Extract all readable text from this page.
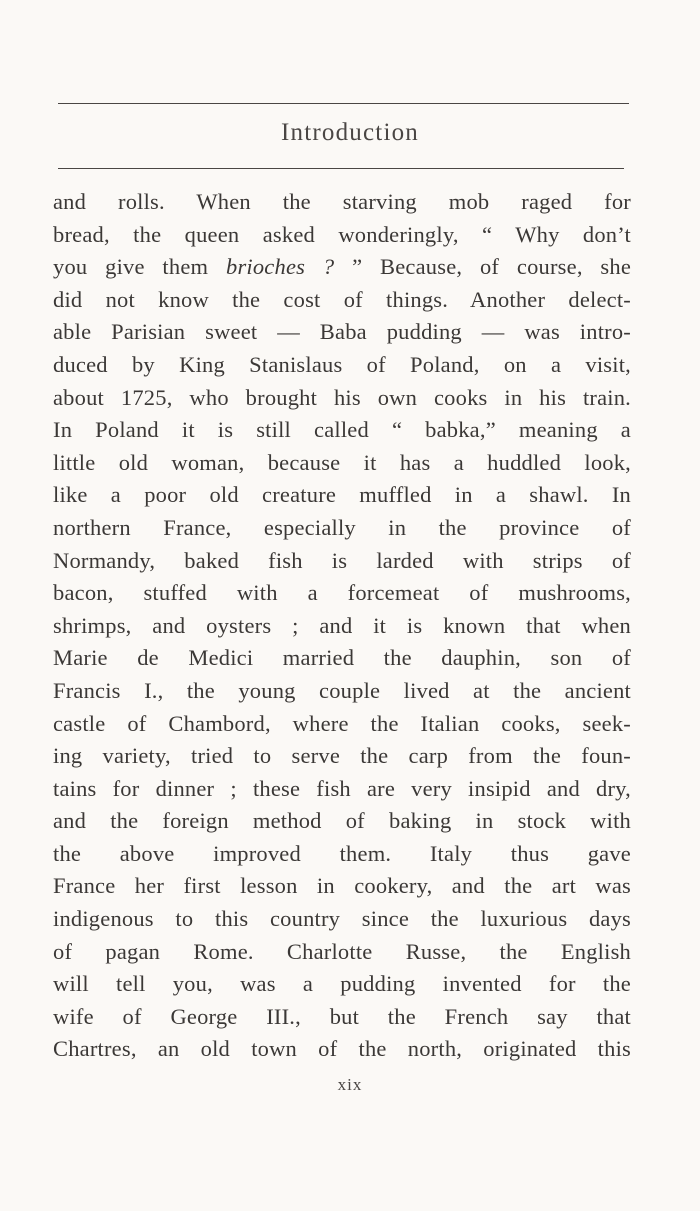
Introduction
and rolls. When the starving mob raged for
bread, the queen asked wonderingly, “ Why don’t
you give them brioches ? ” Because, of course, she
did not know the cost of things. Another delect-
able Parisian sweet — Baba pudding — was intro-
duced by King Stanislaus of Poland, on a visit,
about 1725, who brought his own cooks in his train.
In Poland it is still called “ babka,” meaning a
little old woman, because it has a huddled look,
like a poor old creature muffled in a shawl. In
northern France, especially in the province of
Normandy, baked fish is larded with strips of
bacon, stuffed with a forcemeat of mushrooms,
shrimps, and oysters ; and it is known that when
Marie de Medici married the dauphin, son of
Francis I., the young couple lived at the ancient
castle of Chambord, where the Italian cooks, seek-
ing variety, tried to serve the carp from the foun-
tains for dinner ; these fish are very insipid and dry,
and the foreign method of baking in stock with
the above improved them. Italy thus gave
France her first lesson in cookery, and the art was
indigenous to this country since the luxurious days
of pagan Rome. Charlotte Russe, the English
will tell you, was a pudding invented for the
wife of George III., but the French say that
Chartres, an old town of the north, originated this
xix
